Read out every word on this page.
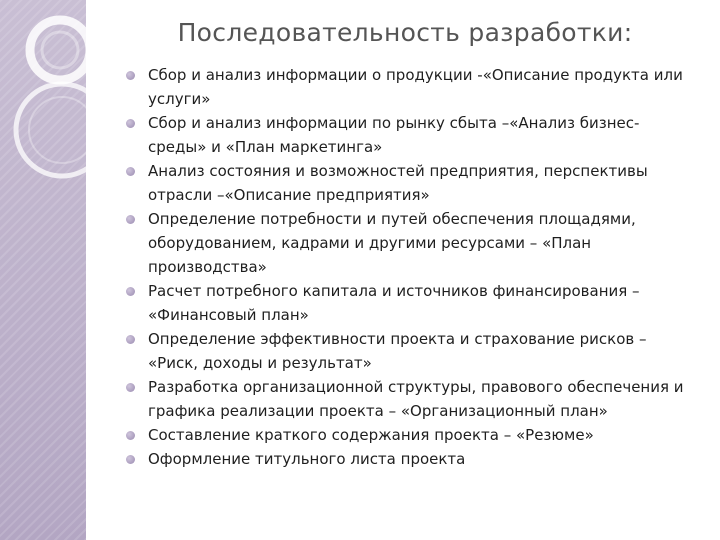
Последовательность разработки:
Сбор и анализ информации о продукции -«Описание продукта или услуги»
Сбор и анализ информации по рынку сбыта –«Анализ бизнес-среды» и «План маркетинга»
Анализ состояния и возможностей предприятия, перспективы отрасли –«Описание предприятия»
Определение потребности и путей обеспечения площадями, оборудованием, кадрами и другими ресурсами – «План производства»
Расчет потребного капитала и источников финансирования – «Финансовый план»
Определение эффективности проекта и страхование рисков – «Риск, доходы и результат»
Разработка организационной структуры, правового обеспечения и графика реализации проекта – «Организационный план»
Составление краткого содержания проекта – «Резюме»
Оформление титульного листа проекта
